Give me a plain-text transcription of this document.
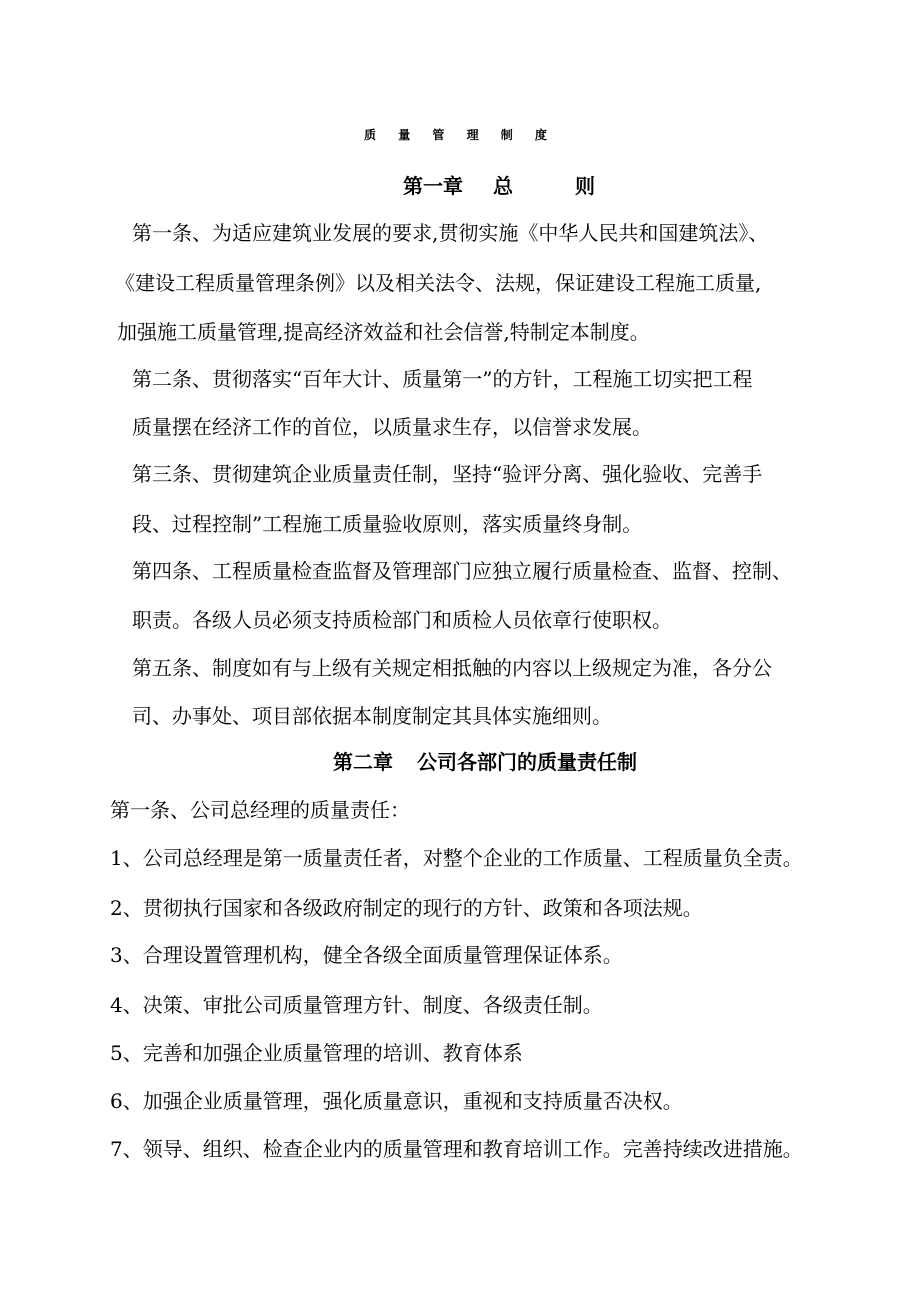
质 量 管 理 制 度
第一章 总	则
第一条、为适应建筑业发展的要求,贯彻实施《中华人民共和国建筑法》、
《建设工程质量管理条例》以及相关法令、法规，保证建设工程施工质量,
加强施工质量管理,提高经济效益和社会信誉,特制定本制度。
第二条、贯彻落实“百年大计、质量第一”的方针，工程施工切实把工程
质量摆在经济工作的首位，以质量求生存，以信誉求发展。
第三条、贯彻建筑企业质量责任制，坚持“验评分离、强化验收、完善手
段、过程控制”工程施工质量验收原则，落实质量终身制。
第四条、工程质量检查监督及管理部门应独立履行质量检查、监督、控制、
职责。各级人员必须支持质检部门和质检人员依章行使职权。
第五条、制度如有与上级有关规定相抵触的内容以上级规定为准，各分公
司、办事处、项目部依据本制度制定其具体实施细则。
第二章 公司各部门的质量责任制
第一条、公司总经理的质量责任：
1、公司总经理是第一质量责任者，对整个企业的工作质量、工程质量负全责。
2、贯彻执行国家和各级政府制定的现行的方针、政策和各项法规。
3、合理设置管理机构，健全各级全面质量管理保证体系。
4、决策、审批公司质量管理方针、制度、各级责任制。
5、完善和加强企业质量管理的培训、教育体系
6、加强企业质量管理，强化质量意识，重视和支持质量否决权。
7、领导、组织、检查企业内的质量管理和教育培训工作。完善持续改进措施。
